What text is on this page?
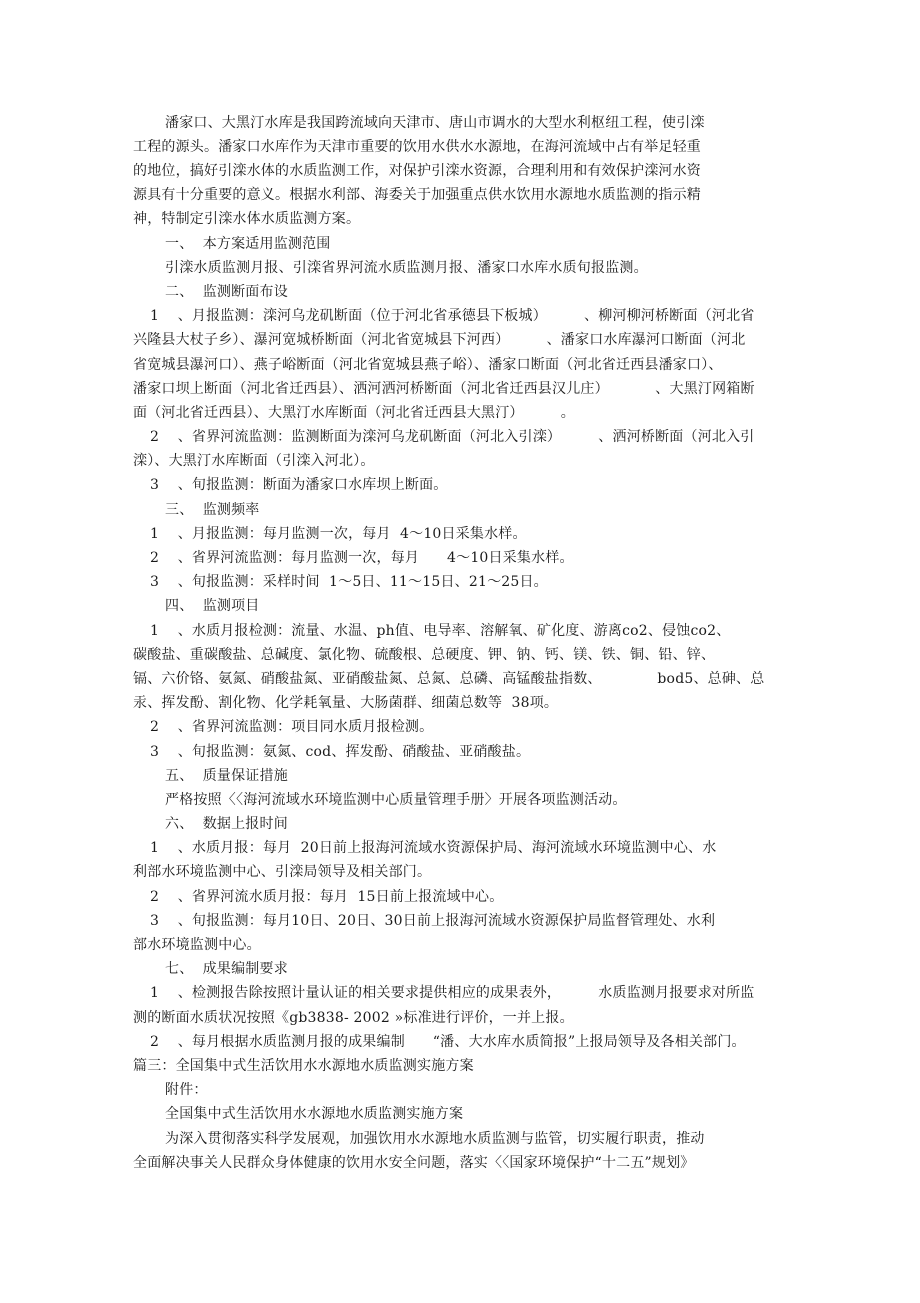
潘家口、大黑汀水库是我国跨流域向天津市、唐山市调水的大型水利枢纽工程，使引滦
工程的源头。潘家口水库作为天津市重要的饮用水供水水源地，在海河流域中占有举足轻重
的地位，搞好引滦水体的水质监测工作，对保护引滦水资源，合理利用和有效保护滦河水资
源具有十分重要的意义。根据水利部、海委关于加强重点供水饮用水源地水质监测的指示精
神，特制定引滦水体水质监测方案。
一、  本方案适用监测范围
引滦水质监测月报、引滦省界河流水质监测月报、潘家口水库水质旬报监测。
二、  监测断面布设
1    、月报监测：滦河乌龙矶断面（位于河北省承德县下板城）        、柳河柳河桥断面（河北省
兴隆县大杖子乡）、瀑河宽城桥断面（河北省宽城县下河西）        、潘家口水库瀑河口断面（河北
省宽城县瀑河口）、燕子峪断面（河北省宽城县燕子峪）、潘家口断面（河北省迁西县潘家口）、
潘家口坝上断面（河北省迁西县）、洒河洒河桥断面（河北省迁西县汉儿庄）          、大黑汀网箱断
面（河北省迁西县）、大黑汀水库断面（河北省迁西县大黑汀）        。
2    、省界河流监测：监测断面为滦河乌龙矶断面（河北入引滦）        、洒河桥断面（河北入引
滦）、大黑汀水库断面（引滦入河北）。
3    、旬报监测：断面为潘家口水库坝上断面。
三、  监测频率
1    、月报监测：每月监测一次，每月  4～10日采集水样。
2    、省界河流监测：每月监测一次，每月      4～10日采集水样。
3    、旬报监测：采样时间  1～5日、11～15日、21～25日。
四、  监测项目
1    、水质月报检测：流量、水温、ph值、电导率、溶解氧、矿化度、游离co2、侵蚀co2、
碳酸盐、重碳酸盐、总碱度、氯化物、硫酸根、总硬度、钾、钠、钙、镁、铁、铜、铅、锌、
镉、六价铬、氨氮、硝酸盐氮、亚硝酸盐氮、总氮、总磷、高锰酸盐指数、            bod5、总砷、总
汞、挥发酚、割化物、化学耗氧量、大肠菌群、细菌总数等  38项。
2    、省界河流监测：项目同水质月报检测。
3    、旬报监测：氨氮、cod、挥发酚、硝酸盐、亚硝酸盐。
五、  质量保证措施
严格按照〈〈海河流域水环境监测中心质量管理手册〉开展各项监测活动。
六、  数据上报时间
1    、水质月报：每月  20日前上报海河流域水资源保护局、海河流域水环境监测中心、水
利部水环境监测中心、引滦局领导及相关部门。
2    、省界河流水质月报：每月  15日前上报流域中心。
3    、旬报监测：每月10日、20日、30日前上报海河流域水资源保护局监督管理处、水利
部水环境监测中心。
七、  成果编制要求
1    、检测报告除按照计量认证的相关要求提供相应的成果表外，        水质监测月报要求对所监
测的断面水质状况按照《gb3838- 2002 »标准进行评价，一并上报。
2    、每月根据水质监测月报的成果编制      “潘、大水库水质简报”上报局领导及各相关部门。
篇三：全国集中式生活饮用水水源地水质监测实施方案
附件：
全国集中式生活饮用水水源地水质监测实施方案
为深入贯彻落实科学发展观，加强饮用水水源地水质监测与监管，切实履行职责，推动
全面解决事关人民群众身体健康的饮用水安全问题，落实〈〈国家环境保护“十二五”规划》
